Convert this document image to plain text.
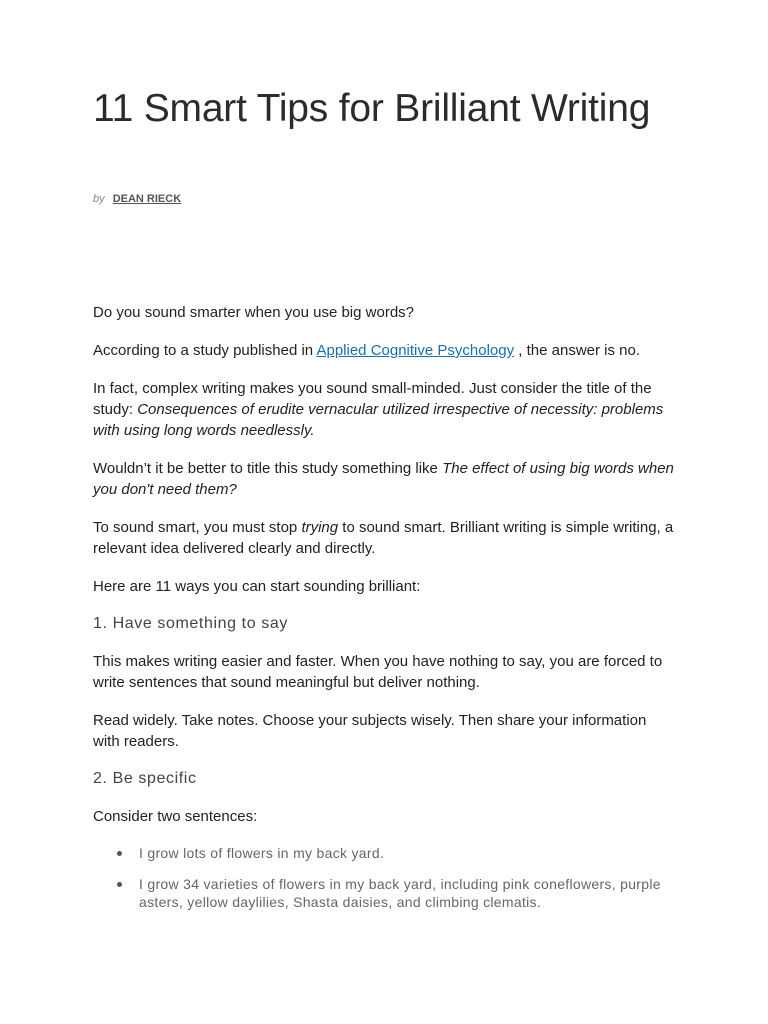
11 Smart Tips for Brilliant Writing
by DEAN RIECK

Do you sound smarter when you use big words?

According to a study published in Applied Cognitive Psychology , the answer is no.

In fact, complex writing makes you sound small-minded. Just consider the title of the study: Consequences of erudite vernacular utilized irrespective of necessity: problems with using long words needlessly.

Wouldn’t it be better to title this study something like The effect of using big words when you don't need them?

To sound smart, you must stop trying to sound smart. Brilliant writing is simple writing, a relevant idea delivered clearly and directly.

Here are 11 ways you can start sounding brilliant:

1. Have something to say

This makes writing easier and faster. When you have nothing to say, you are forced to write sentences that sound meaningful but deliver nothing.

Read widely. Take notes. Choose your subjects wisely. Then share your information with readers.

2. Be specific

Consider two sentences:

I grow lots of flowers in my back yard.
I grow 34 varieties of flowers in my back yard, including pink coneflowers, purple asters, yellow daylilies, Shasta daisies, and climbing clematis.
